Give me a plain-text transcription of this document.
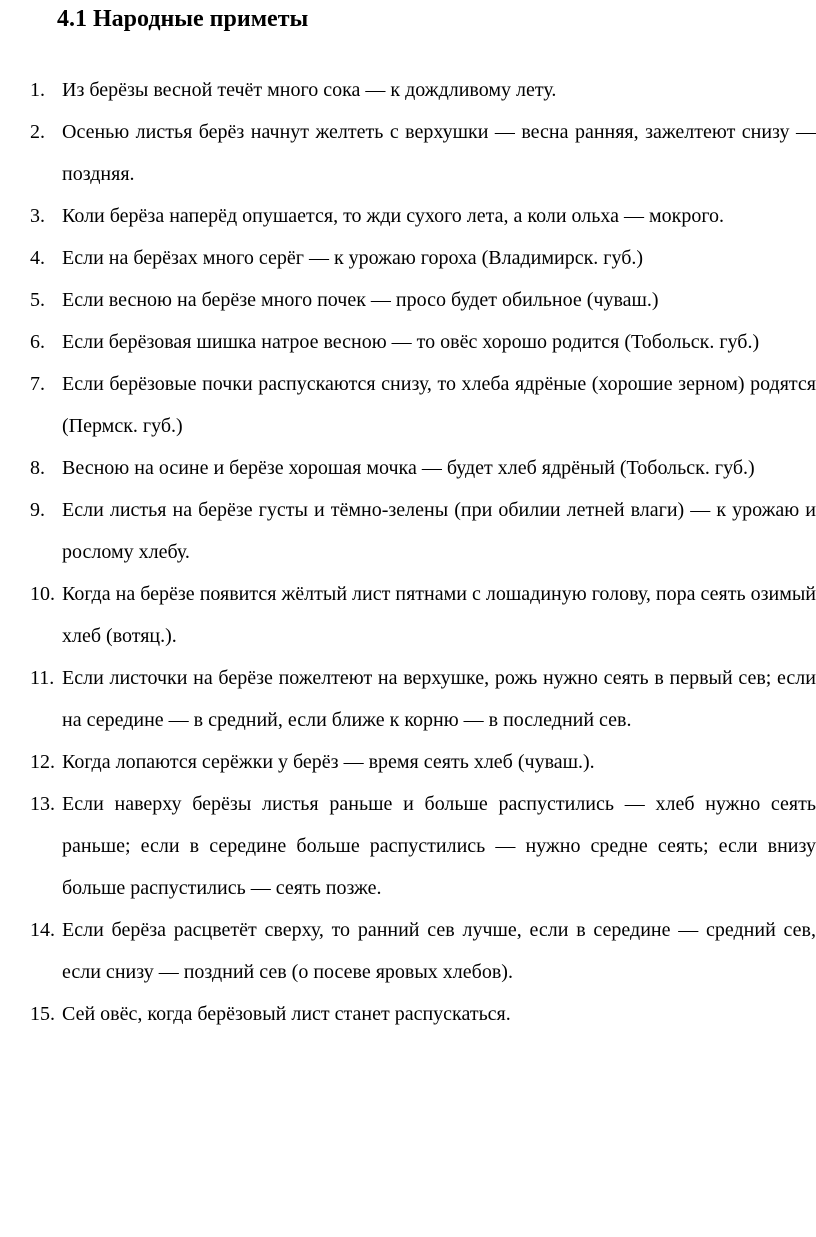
4.1 Народные приметы
1. Из берёзы весной течёт много сока — к дождливому лету.
2. Осенью листья берёз начнут желтеть с верхушки — весна ранняя, зажелтеют снизу — поздняя.
3. Коли берёза наперёд опушается, то жди сухого лета, а коли ольха — мокрого.
4. Если на берёзах много серёг — к урожаю гороха (Владимирск. губ.)
5. Если весною на берёзе много почек — просо будет обильное (чуваш.)
6. Если берёзовая шишка натрое весною — то овёс хорошо родится (Тобольск. губ.)
7. Если берёзовые почки распускаются снизу, то хлеба ядрёные (хорошие зерном) родятся (Пермск. губ.)
8. Весною на осине и берёзе хорошая мочка — будет хлеб ядрёный (Тобольск. губ.)
9. Если листья на берёзе густы и тёмно-зелены (при обилии летней влаги) — к урожаю и рослому хлебу.
10. Когда на берёзе появится жёлтый лист пятнами с лошадиную голову, пора сеять озимый хлеб (вотяц.).
11. Если листочки на берёзе пожелтеют на верхушке, рожь нужно сеять в первый сев; если на середине — в средний, если ближе к корню — в последний сев.
12. Когда лопаются серёжки у берёз — время сеять хлеб (чуваш.).
13. Если наверху берёзы листья раньше и больше распустились — хлеб нужно сеять раньше; если в середине больше распустились — нужно средне сеять; если внизу больше распустились — сеять позже.
14. Если берёза расцветёт сверху, то ранний сев лучше, если в середине — средний сев, если снизу — поздний сев (о посеве яровых хлебов).
15. Сей овёс, когда берёзовый лист станет распускаться.
